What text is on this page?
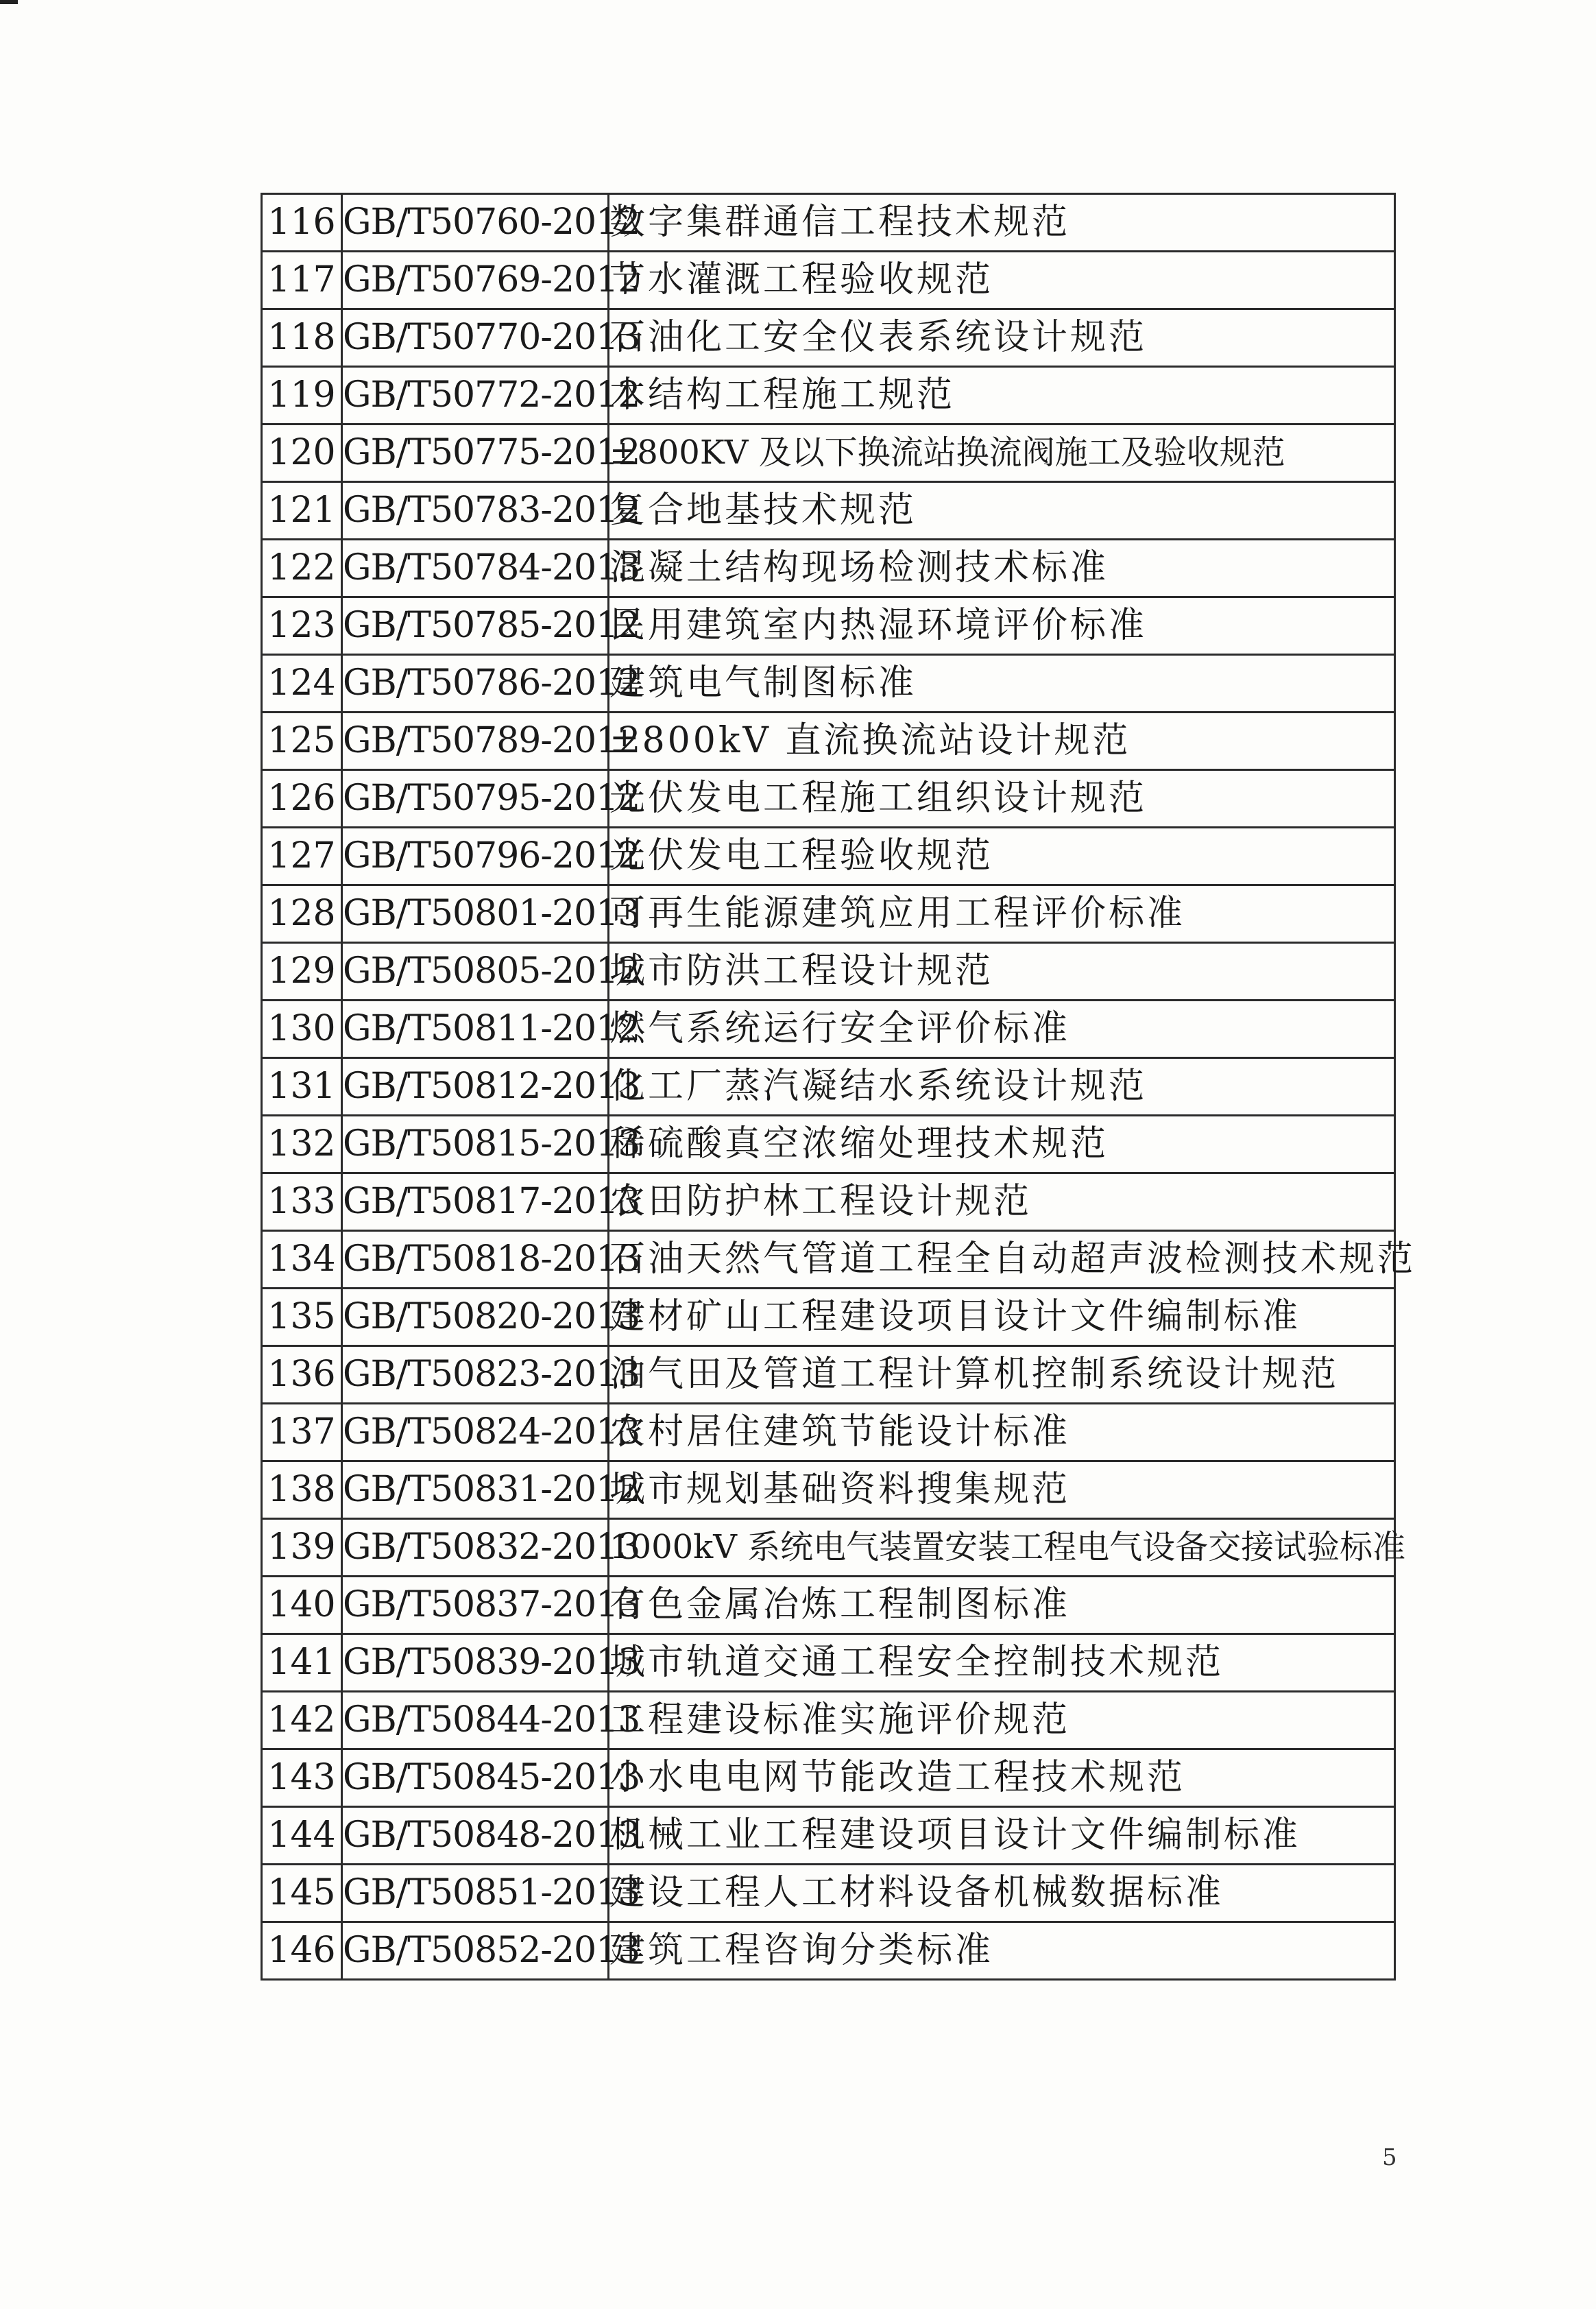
116	GB/T50760-2012	数字集群通信工程技术规范
117	GB/T50769-2012	节水灌溉工程验收规范
118	GB/T50770-2013	石油化工安全仪表系统设计规范
119	GB/T50772-2012	木结构工程施工规范
120	GB/T50775-2012	±800KV 及以下换流站换流阀施工及验收规范
121	GB/T50783-2012	复合地基技术规范
122	GB/T50784-2013	混凝土结构现场检测技术标准
123	GB/T50785-2012	民用建筑室内热湿环境评价标准
124	GB/T50786-2012	建筑电气制图标准
125	GB/T50789-2012	±800kV 直流换流站设计规范
126	GB/T50795-2012	光伏发电工程施工组织设计规范
127	GB/T50796-2012	光伏发电工程验收规范
128	GB/T50801-2013	可再生能源建筑应用工程评价标准
129	GB/T50805-2012	城市防洪工程设计规范
130	GB/T50811-2012	燃气系统运行安全评价标准
131	GB/T50812-2013	化工厂蒸汽凝结水系统设计规范
132	GB/T50815-2013	稀硫酸真空浓缩处理技术规范
133	GB/T50817-2013	农田防护林工程设计规范
134	GB/T50818-2013	石油天然气管道工程全自动超声波检测技术规范
135	GB/T50820-2013	建材矿山工程建设项目设计文件编制标准
136	GB/T50823-2013	油气田及管道工程计算机控制系统设计规范
137	GB/T50824-2013	农村居住建筑节能设计标准
138	GB/T50831-2012	城市规划基础资料搜集规范
139	GB/T50832-2013	1000kV 系统电气装置安装工程电气设备交接试验标准
140	GB/T50837-2013	有色金属冶炼工程制图标准
141	GB/T50839-2013	城市轨道交通工程安全控制技术规范
142	GB/T50844-2013	工程建设标准实施评价规范
143	GB/T50845-2013	小水电电网节能改造工程技术规范
144	GB/T50848-2013	机械工业工程建设项目设计文件编制标准
145	GB/T50851-2013	建设工程人工材料设备机械数据标准
146	GB/T50852-2013	建筑工程咨询分类标准
5
